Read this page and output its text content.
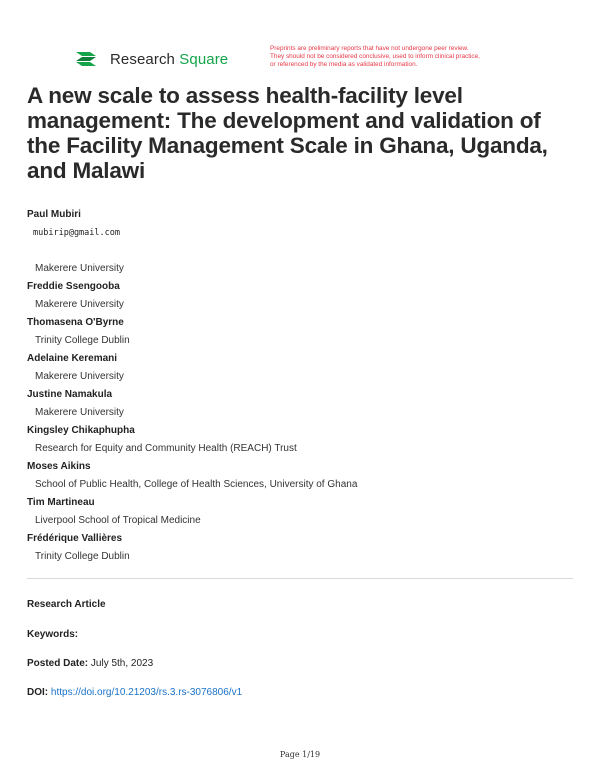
Research Square
Preprints are preliminary reports that have not undergone peer review.
They should not be considered conclusive, used to inform clinical practice,
or referenced by the media as validated information.
A new scale to assess health-facility level management: The development and validation of the Facility Management Scale in Ghana, Uganda, and Malawi
Paul Mubiri
mubirip@gmail.com
Makerere University
Freddie Ssengooba
Makerere University
Thomasena O'Byrne
Trinity College Dublin
Adelaine Keremani
Makerere University
Justine Namakula
Makerere University
Kingsley Chikaphupha
Research for Equity and Community Health (REACH) Trust
Moses Aikins
School of Public Health, College of Health Sciences, University of Ghana
Tim Martineau
Liverpool School of Tropical Medicine
Frédérique Vallières
Trinity College Dublin
Research Article
Keywords:
Posted Date: July 5th, 2023
DOI: https://doi.org/10.21203/rs.3.rs-3076806/v1
Page 1/19
